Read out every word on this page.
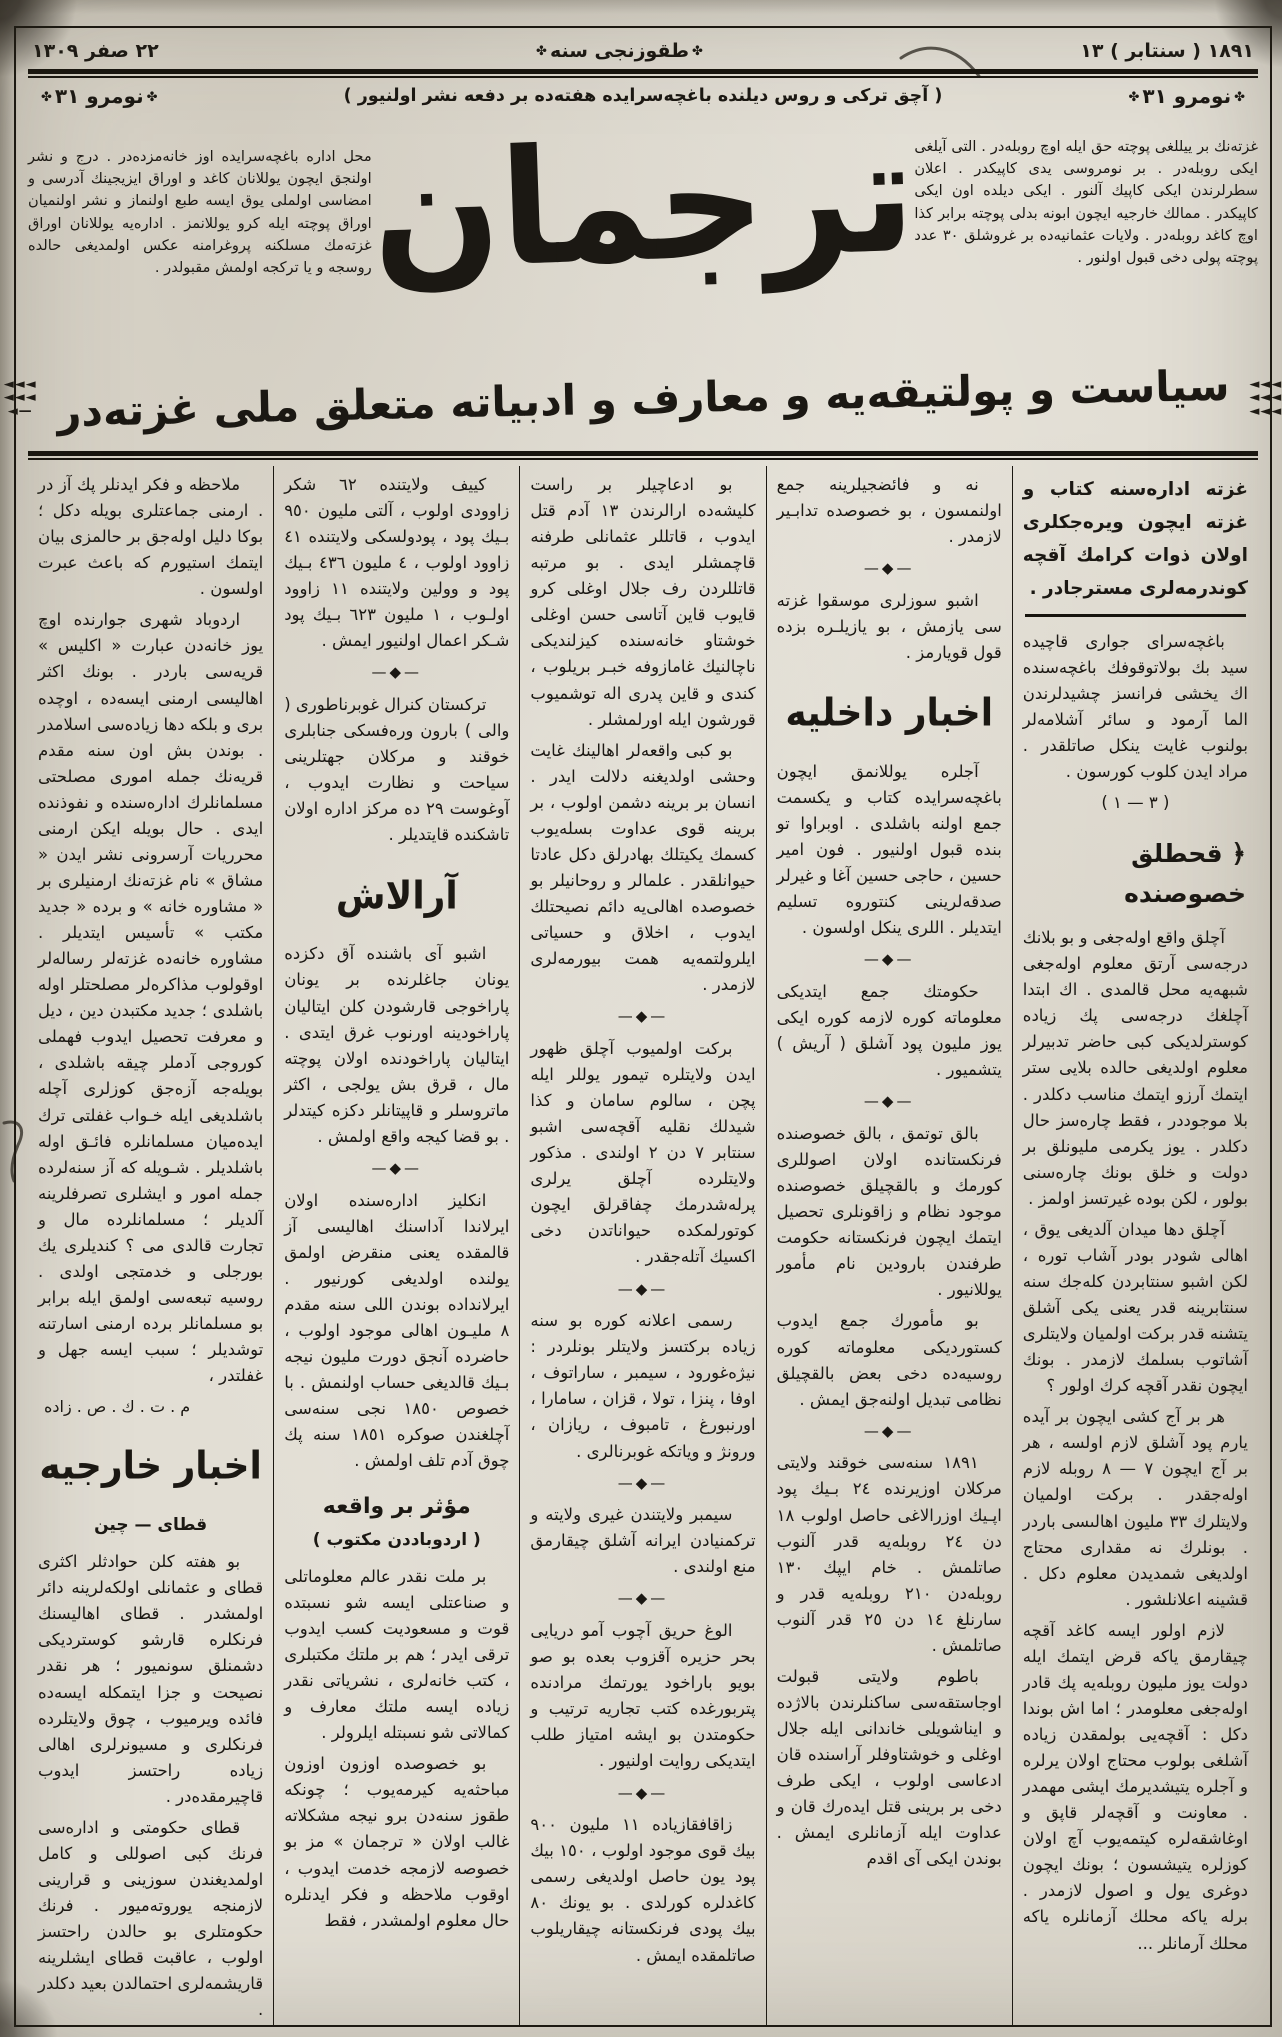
١٨٩١ ( سنتابر ) ١٣
✤طقوزنجى سنه✤
٢٢ صفر ١٣٠٩
✤نومرو ٣١✤
( آچق تركى و روس ديلنده باغچه‌سرايده هفته‌ده بر دفعه نشر اولنيور )
✤نومرو ٣١✤
غزته‌نك بر ييللغى پوچته حق ايله اوچ روبله‌در . التى آيلغى ايكى روبله‌در . بر نومروسى يدى كاپيكدر . اعلان سطرلرندن ايكى كاپيك آلنور . ايكى ديلده اون ايكى كاپيكدر . ممالك خارجيه ايچون ابونه بدلى پوچته برابر كذا اوچ كاغد روبله‌در . ولايات عثمانيه‌ده بر غروشلق ٣٠ عدد پوچته پولى دخى قبول اولنور .
ترجمان
محل اداره باغچه‌سرايده اوز خانه‌مزده‌در . درج و نشر اولنجق ايچون يوللانان كاغد و اوراق ايزيجينك آدرسى و امضاسى اولملى يوق ايسه طبع اولنماز و نشر اولنميان اوراق پوچته ايله كرو يوللانمز . اداره‌يه يوللانان اوراق غزته‌مك مسلكنه پروغرامنه عكس اولمديغى حالده روسجه و يا تركجه اولمش مقبولدر .
◄◄◄
◄◄◄
◄◄◄
سياست و پولتيقه‌يه و معارف و ادبياته متعلق ملى غزته‌در
◄◄◄
◄◄◄
—◄
غزته اداره‌سنه كتاب و غزته ايچون ويره‌جكلرى اولان ذوات كرامك آقچه كوندرمه‌لرى مسترجادر .
باغچه‌سراى جوارى قاچيده سيد بك بولاتوقوفك باغچه‌سنده اك يخشى فرانسز چشيدلرندن الما آرمود و سائر آشلامه‌لر بولنوب غايت ينكل صاتلقدر . مراد ايدن كلوب كورسون .
( ٣ — ١ )
﴿ قحطلق خصوصنده
آچلق واقع اوله‌جغى و بو بلانك درجه‌سى آرتق معلوم اوله‌جغى شبهه‌يه محل قالمدى . اك ابتدا آچلغك درجه‌سى پك زياده كوسترلديكى كبى حاضر تدبيرلر معلوم اولديغى حالده بلايى ستر ايتمك آرزو ايتمك مناسب دكلدر . بلا موجوددر ، فقط چاره‌سز حال دكلدر . يوز يكرمى مليونلق بر دولت و خلق بونك چاره‌سنى بولور ، لكن بوده غيرتسز اولمز .
آچلق دها ميدان آلديغى يوق ، اهالى شودر بودر آشاب توره ، لكن اشبو سنتابردن كله‌جك سنه سنتابرينه قدر يعنى يكى آشلق يتشنه قدر بركت اولميان ولايتلرى آشاتوب بسلمك لازمدر . بونك ايچون نقدر آقچه كرك اولور ؟
هر بر آج كشى ايچون بر آيده يارم پود آشلق لازم اولسه ، هر بر آج ايچون ٧ — ٨ روبله لازم اوله‌جقدر . بركت اولميان ولايتلرك ٣٣ مليون اهالىسى باردر . بونلرك نه مقدارى محتاج اولديغى شمديدن معلوم دكل . قشينه اعلانلشور .
لازم اولور ايسه كاغد آقچه چيقارمق ياكه قرض ايتمك ايله دولت يوز مليون روبله‌يه پك قادر اوله‌جغى معلومدر ؛ اما اش بوندا دكل : آقچه‌يى بولمقدن زياده آشلغى بولوب محتاج اولان يرلره و آجلره يتيشديرمك ايشى مهمدر . معاونت و آقچه‌لر قاپق و اوغاشقه‌لره كيتمه‌يوب آچ اولان كوزلره يتيشسون ؛ بونك ايچون دوغرى يول و اصول لازمدر . برله ياكه محلك آزمانلره ياكه محلك آرمانلر ...
نه و فائضجيلرينه جمع اولنمسون ، بو خصوصده تدابـير لازمدر .
—◆—
اشبو سوزلرى موسقوا غزته سى يازمش ، بو يازيلـره بزده قول قويارمز .
اخبار داخليه
آجلره يوللانمق ايچون باغچه‌سرايده كتاب و يكسمت جمع اولنه باشلدى . اوبراوا تو بنده قبول اولنيور . فون امير حسين ، حاجى حسين آغا و غيرلر صدقه‌لرينى كنتوروه تسليم ايتديلر . اللرى ينكل اولسون .
—◆—
حكومتك جمع ايتديكى معلوماته كوره لازمه كوره ايكى يوز مليون پود آشلق ( آريش ) يتشميور .
—◆—
بالق توتمق ، بالق خصوصنده فرنكستانده اولان اصوللرى كورمك و بالقچيلق خصوصنده موجود نظام و زاقونلرى تحصيل ايتمك ايچون فرنكستانه حكومت طرفندن بارودين نام مأمور يوللانيور .
بو مأمورك جمع ايدوب كستورديكى معلوماته كوره روسيه‌ده دخى بعض بالقچيلق نظامى تبديل اولنه‌جق ايمش .
—◆—
١٨٩١ سنه‌سى خوقند ولايتى مركلان اوزيرنده ٢٤ بـيك پود اپـيك اوزرالاغى حاصل اولوب ١٨ دن ٢٤ روبله‌يه قدر آلنوب صاتلمش . خام ايپك ١٣٠ روبله‌دن ٢١٠ روبله‌يه قدر و سارنلغ ١٤ دن ٢٥ قدر آلنوب صاتلمش .
باطوم ولايتى قبولت اوجاستقه‌سى ساكنلرندن بالاژده و ايناشويلى خاندانى ايله جلال اوغلى و خوشتاوفلر آراسنده قان ادعاسى اولوب ، ايكى طرف دخى بر برينى قتل ايده‌رك قان و عداوت ايله آزمانلرى ايمش . بوندن ايكى آى اقدم
بو ادعاچيلر بر راست كليشه‌ده ارالرندن ١٣ آدم قتل ايدوب ، قاتللر عثمانلى طرفنه قاچمشلر ايدى . بو مرتبه قاتللردن رف جلال اوغلى كرو قايوب قاين آتاسى حسن اوغلى خوشتاو خانه‌سنده كيزلنديكى ناچالنيك غامازوفه خبـر بريلوب ، كندى و قاين پدرى اله توشميوب قورشون ايله اورلمشلر .
بو كبى واقعه‌لر اهالينك غايت وحشى اولديغنه دلالت ايدر . انسان بر برينه دشمن اولوب ، بر برينه قوى عداوت بسله‌يوب كسمك يكيتلك بهادرلق دكل عادتا حيوانلقدر . علمالر و روحانيلر بو خصوصده اهالى‌يه دائم نصيحتلك ايدوب ، اخلاق و حسياتى ايلرولتمه‌يه همت بيورمه‌لرى لازمدر .
—◆—
بركت اولميوب آچلق ظهور ايدن ولايتلره تيمور يوللر ايله پچن ، سالوم سامان و كذا شيدلك نقليه آقچه‌سى اشبو سنتابر ٧ دن ٢ اولندى . مذكور ولايتلرده آچلق يرلرى پرله‌شدرمك چفاقرلق ايچون كوتورلمكده حيواناتدن دخى اكسيك آتله‌جقدر .
—◆—
رسمى اعلانه كوره بو سنه زياده بركتسز ولايتلر بونلردر : نيژه‌غورود ، سيمبر ، ساراتوف ، اوفا ، پنزا ، تولا ، قزان ، سامارا ، اورنبورغ ، تامبوف ، ريازان ، ورونژ و وياتكه غوبرنالرى .
—◆—
سيمبر ولايتندن غيرى ولايته و تركمنيادن ايرانه آشلق چيقارمق منع اولندى .
—◆—
الوغ حريق آچوب آمو دريايى بحر حزيره آقزوب بعده بو صو بويو باراخود يورتمك مرادنده پتربورغده كتب تجاريه ترتيب و حكومتدن بو ايشه امتياز طلب ايتديكى روايت اولنيور .
—◆—
زاقافقازياده ١١ مليون ٩٠٠ بيك قوى موجود اولوب ، ١٥٠ بيك پود يون حاصل اولديغى رسمى كاغدلره كورلدى . بو يونك ٨٠ بيك پودى فرنكستانه چيقاريلوب صاتلمقده ايمش .
كييف ولايتنده ٦٢ شكر زاوودى اولوب ، آلتى مليون ٩٥٠ بـيك پود ، پودولسكى ولايتنده ٤١ زاوود اولوب ، ٤ مليون ٤٣٦ بـيك پود و وولين ولايتنده ١١ زاوود اولـوب ، ١ مليون ٦٢٣ بـيك پود شـكر اعمال اولنيور ايمش .
—◆—
تركستان كنرال غوبرناطورى ( والى ) بارون وره‌فسكى جنابلرى خوقند و مركلان جهتلرينى سياحت و نظارت ايدوب ، آوغوست ٢٩ ده مركز اداره اولان تاشكنده قايتديلر .
آرالاش
اشبو آى باشنده آق دكزده يونان جاغلرنده بر يونان پاراخوجى قارشودن كلن ايتاليان پاراخودينه اورنوب غرق ايتدى . ايتاليان پاراخودنده اولان پوچته مال ، قرق بش يولجى ، اكثر ماتروسلر و قاپيتانلر دكزه كيتدلر . بو قضا كيجه واقع اولمش .
—◆—
انكليز اداره‌سنده اولان ايرلاندا آداسنك اهاليسى آز قالمقده يعنى منقرض اولمق يولنده اولديغى كورنيور . ايرلانداده بوندن اللى سنه مقدم ٨ مليـون اهالى موجود اولوب ، حاضرده آنجق دورت مليون نيجه بـيك قالديغى حساب اولنمش . با خصوص ١٨٥٠ نجى سنه‌سى آچلغندن صوكره ١٨٥١ سنه پك چوق آدم تلف اولمش .
مؤثر بر واقعه
( اردوباددن مكتوب )
بر ملت نقدر عالم معلوماتلى و صناعتلى ايسه شو نسبتده قوت و مسعوديت كسب ايدوب ترقى ايدر ؛ هم بر ملتك مكتبلرى ، كتب خانه‌لرى ، نشرياتى نقدر زياده ايسه ملتك معارف و كمالاتى شو نسبتله ايلرولر .
بو خصوصده اوزون اوزون مباحثه‌يه كيرمه‌يوب ؛ چونكه طقوز سنه‌دن برو نيجه مشكلاته غالب اولان « ترجمان » مز بو خصوصه لازمجه خدمت ايدوب ، اوقوب ملاحظه و فكر ايدنلره حال معلوم اولمشدر ، فقط
ملاحظه و فكر ايدنلر پك آز در . ارمنى جماعتلرى بويله دكل ؛ بوكا دليل اوله‌جق بر حالمزى بيان ايتمك استيورم كه باعث عبرت اولسون .
اردوباد شهرى جوارنده اوچ يوز خانه‌دن عبارت « اكليس » قريه‌سى باردر . بونك اكثر اهاليسى ارمنى ايسه‌ده ، اوچده برى و بلكه دها زياده‌سى اسلامدر . بوندن بش اون سنه مقدم قريه‌نك جمله امورى مصلحتى مسلمانلرك اداره‌سنده و نفوذنده ايدى . حال بويله ايكن ارمنى محرريات آرسرونى نشر ايدن « مشاق » نام غزته‌نك ارمنيلرى بر « مشاوره خانه » و برده « جديد مكتب » تأسيس ايتديلر . مشاوره خانه‌ده غزته‌لر رساله‌لر اوقولوب مذاكره‌لر مصلحتلر اوله باشلدى ؛ جديد مكتبدن دين ، ديل و معرفت تحصيل ايدوب فهملى كوروجى آدملر چيقه باشلدى ، بويله‌جه آزه‌جق كوزلرى آچله باشلديغى ايله خـواب غفلتى ترك ايده‌ميان مسلمانلره فائـق اوله باشلديلر . شـويله كه آز سنه‌لرده جمله امور و ايشلرى تصرفلرينه آلديلر ؛ مسلمانلرده مال و تجارت قالدى مى ؟ كنديلرى يك بورجلى و خدمتجى اولدى . روسيه تبعه‌سى اولمق ايله برابر بو مسلمانلر برده ارمنى اسارتنه توشديلر ؛ سبب ايسه جهل و غفلتدر ،
م . ت . ك . ص . زاده
اخبار خارجيه
قطاى — چين
بو هفته كلن حوادثلر اكثرى قطاى و عثمانلى اولكه‌لرينه دائر اولمشدر . قطاى اهاليسنك فرنكلره قارشو كوسترديكى دشمنلق سونميور ؛ هر نقدر نصيحت و جزا ايتمكله ايسه‌ده فائده ويرميوب ، چوق ولايتلرده فرنكلرى و مسيونرلرى اهالى زياده راحتسز ايدوب قاچيرمقده‌در .
قطاى حكومتى و اداره‌سى فرنك كبى اصوللى و كامل اولمديغندن سوزينى و قرارينى لازمنجه يوروته‌ميور . فرنك حكومتلرى بو حالدن راحتسز اولوب ، عاقبت قطاى ايشلرينه قاريشمه‌لرى احتمالدن بعيد دكلدر .
